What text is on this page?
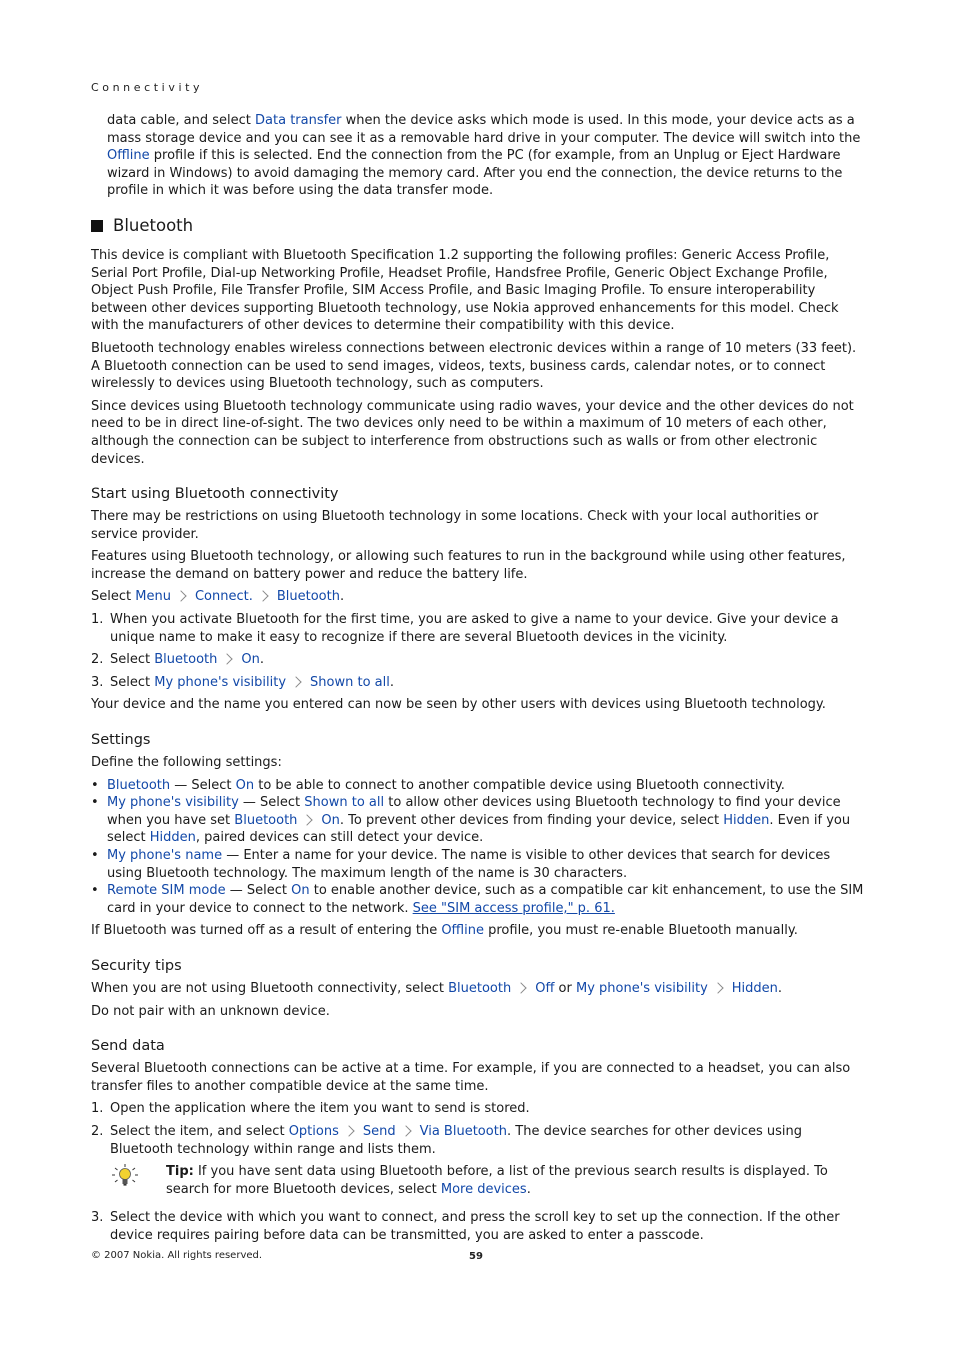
Connectivity

data cable, and select Data transfer when the device asks which mode is used. In this mode, your device acts as a mass storage device and you can see it as a removable hard drive in your computer. The device will switch into the Offline profile if this is selected. End the connection from the PC (for example, from an Unplug or Eject Hardware wizard in Windows) to avoid damaging the memory card. After you end the connection, the device returns to the profile in which it was before using the data transfer mode.

Bluetooth

This device is compliant with Bluetooth Specification 1.2 supporting the following profiles: Generic Access Profile, Serial Port Profile, Dial-up Networking Profile, Headset Profile, Handsfree Profile, Generic Object Exchange Profile, Object Push Profile, File Transfer Profile, SIM Access Profile, and Basic Imaging Profile. To ensure interoperability between other devices supporting Bluetooth technology, use Nokia approved enhancements for this model. Check with the manufacturers of other devices to determine their compatibility with this device.

Bluetooth technology enables wireless connections between electronic devices within a range of 10 meters (33 feet). A Bluetooth connection can be used to send images, videos, texts, business cards, calendar notes, or to connect wirelessly to devices using Bluetooth technology, such as computers.

Since devices using Bluetooth technology communicate using radio waves, your device and the other devices do not need to be in direct line-of-sight. The two devices only need to be within a maximum of 10 meters of each other, although the connection can be subject to interference from obstructions such as walls or from other electronic devices.

Start using Bluetooth connectivity

There may be restrictions on using Bluetooth technology in some locations. Check with your local authorities or service provider.

Features using Bluetooth technology, or allowing such features to run in the background while using other features, increase the demand on battery power and reduce the battery life.

Select Menu Connect. Bluetooth.

1. When you activate Bluetooth for the first time, you are asked to give a name to your device. Give your device a unique name to make it easy to recognize if there are several Bluetooth devices in the vicinity.
2. Select Bluetooth On.
3. Select My phone's visibility Shown to all.

Your device and the name you entered can now be seen by other users with devices using Bluetooth technology.

Settings

Define the following settings:

• Bluetooth — Select On to be able to connect to another compatible device using Bluetooth connectivity.
• My phone's visibility — Select Shown to all to allow other devices using Bluetooth technology to find your device when you have set Bluetooth On. To prevent other devices from finding your device, select Hidden. Even if you select Hidden, paired devices can still detect your device.
• My phone's name — Enter a name for your device. The name is visible to other devices that search for devices using Bluetooth technology. The maximum length of the name is 30 characters.
• Remote SIM mode — Select On to enable another device, such as a compatible car kit enhancement, to use the SIM card in your device to connect to the network. See "SIM access profile," p. 61.

If Bluetooth was turned off as a result of entering the Offline profile, you must re-enable Bluetooth manually.

Security tips

When you are not using Bluetooth connectivity, select Bluetooth Off or My phone's visibility Hidden.

Do not pair with an unknown device.

Send data

Several Bluetooth connections can be active at a time. For example, if you are connected to a headset, you can also transfer files to another compatible device at the same time.

1. Open the application where the item you want to send is stored.
2. Select the item, and select Options Send Via Bluetooth. The device searches for other devices using Bluetooth technology within range and lists them.
Tip: If you have sent data using Bluetooth before, a list of the previous search results is displayed. To search for more Bluetooth devices, select More devices.
3. Select the device with which you want to connect, and press the scroll key to set up the connection. If the other device requires pairing before data can be transmitted, you are asked to enter a passcode.
© 2007 Nokia. All rights reserved.	59
